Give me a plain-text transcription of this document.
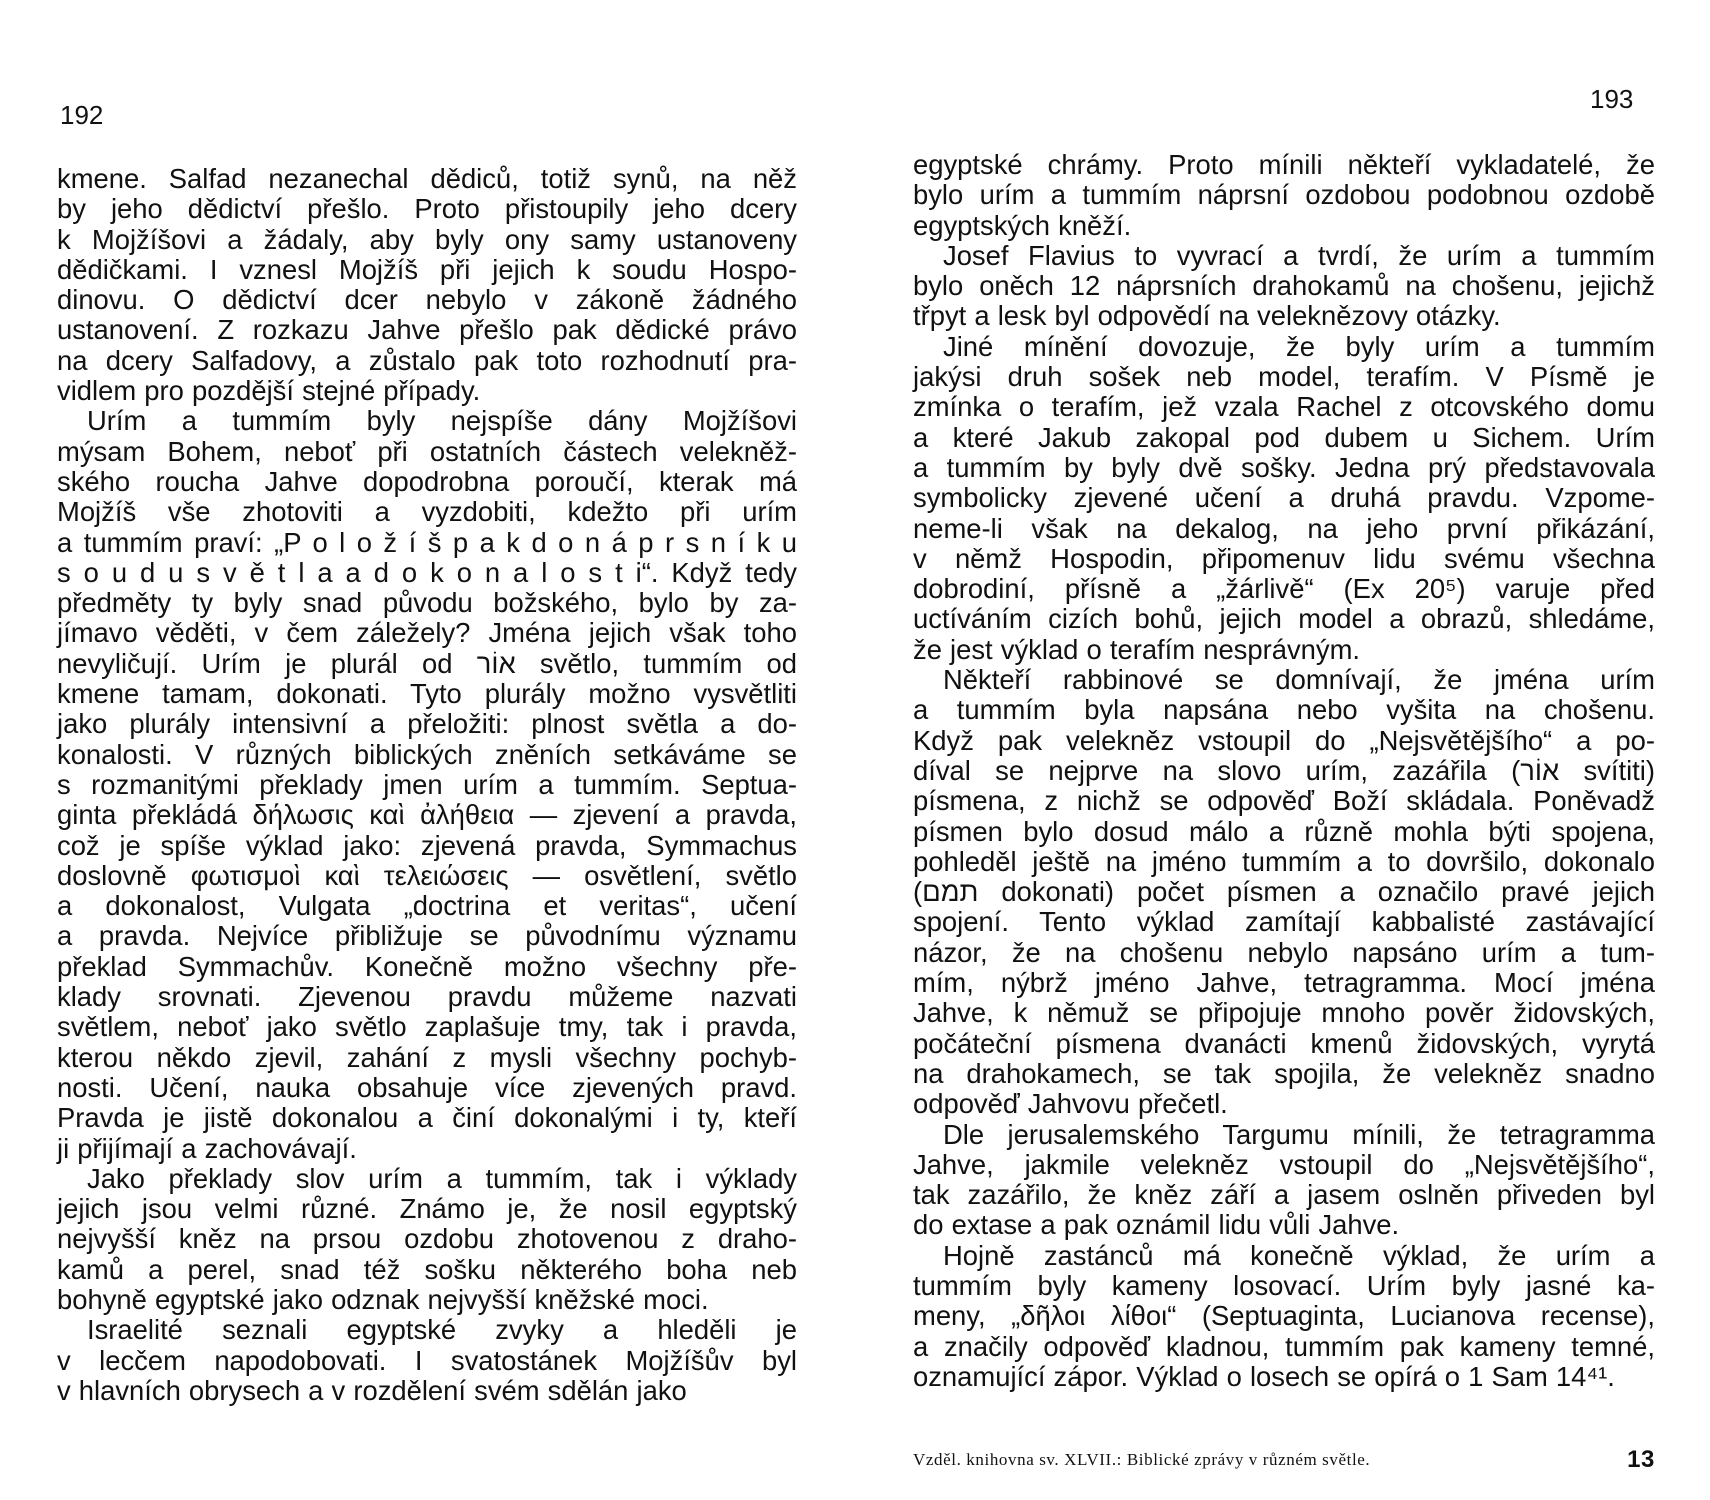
192
kmene. Salfad nezanechal dědiců, totiž synů, na něž
by jeho dědictví přešlo. Proto přistoupily jeho dcery
k Mojžíšovi a žádaly, aby byly ony samy ustanoveny
dědičkami. I vznesl Mojžíš při jejich k soudu Hospo-
dinovu. O dědictví dcer nebylo v zákoně žádného
ustanovení. Z rozkazu Jahve přešlo pak dědické právo
na dcery Salfadovy, a zůstalo pak toto rozhodnutí pra-
vidlem pro pozdější stejné případy.
Urím a tummím byly nejspíše dány Mojžíšovi
mýsam Bohem, neboť při ostatních částech velekněž-
ského roucha Jahve dopodrobna poroučí, kterak má
Mojžíš vše zhotoviti a vyzdobiti, kdežto při urím
a tummím praví: „P o l o ž í š p a k d o n á p r s n í k u
s o u d u s v ě t l a a d o k o n a l o s t i“. Když tedy
předměty ty byly snad původu božského, bylo by za-
jímavo věděti, v čem záležely? Jména jejich však toho
nevyličují. Urím je plurál od אוֹר světlo, tummím od
kmene tamam, dokonati. Tyto plurály možno vysvětliti
jako plurály intensivní a přeložiti: plnost světla a do-
konalosti. V různých biblických zněních setkáváme se
s rozmanitými překlady jmen urím a tummím. Septua-
ginta překládá δήλωσις καὶ ἀλήθεια — zjevení a pravda,
což je spíše výklad jako: zjevená pravda, Symmachus
doslovně φωτισμοὶ καὶ τελειώσεις — osvětlení, světlo
a dokonalost, Vulgata „doctrina et veritas“, učení
a pravda. Nejvíce přibližuje se původnímu významu
překlad Symmachův. Konečně možno všechny pře-
klady srovnati. Zjevenou pravdu můžeme nazvati
světlem, neboť jako světlo zaplašuje tmy, tak i pravda,
kterou někdo zjevil, zahání z mysli všechny pochyb-
nosti. Učení, nauka obsahuje více zjevených pravd.
Pravda je jistě dokonalou a činí dokonalými i ty, kteří
ji přijímají a zachovávají.
Jako překlady slov urím a tummím, tak i výklady
jejich jsou velmi různé. Známo je, že nosil egyptský
nejvyšší kněz na prsou ozdobu zhotovenou z draho-
kamů a perel, snad též sošku některého boha neb
bohyně egyptské jako odznak nejvyšší kněžské moci.
Israelité seznali egyptské zvyky a hleděli je
v lecčem napodobovati. I svatostánek Mojžíšův byl
v hlavních obrysech a v rozdělení svém sdělán jako
193
egyptské chrámy. Proto mínili někteří vykladatelé, že
bylo urím a tummím náprsní ozdobou podobnou ozdobě
egyptských kněží.
Josef Flavius to vyvrací a tvrdí, že urím a tummím
bylo oněch 12 náprsních drahokamů na chošenu, jejichž
třpyt a lesk byl odpovědí na veleknězovy otázky.
Jiné mínění dovozuje, že byly urím a tummím
jakýsi druh sošek neb model, terafím. V Písmě je
zmínka o terafím, jež vzala Rachel z otcovského domu
a které Jakub zakopal pod dubem u Sichem. Urím
a tummím by byly dvě sošky. Jedna prý představovala
symbolicky zjevené učení a druhá pravdu. Vzpome-
neme-li však na dekalog, na jeho první přikázání,
v němž Hospodin, připomenuv lidu svému všechna
dobrodiní, přísně a „žárlivě“ (Ex 20⁵) varuje před
uctíváním cizích bohů, jejich model a obrazů, shledáme,
že jest výklad o terafím nesprávným.
Někteří rabbinové se domnívají, že jména urím
a tummím byla napsána nebo vyšita na chošenu.
Když pak velekněz vstoupil do „Nejsvětějšího“ a po-
díval se nejprve na slovo urím, zazářila (אוֹר svítiti)
písmena, z nichž se odpověď Boží skládala. Poněvadž
písmen bylo dosud málo a různě mohla býti spojena,
pohleděl ještě na jméno tummím a to dovršilo, dokonalo
(תמם dokonati) počet písmen a označilo pravé jejich
spojení. Tento výklad zamítají kabbalisté zastávající
názor, že na chošenu nebylo napsáno urím a tum-
mím, nýbrž jméno Jahve, tetragramma. Mocí jména
Jahve, k němuž se připojuje mnoho pověr židovských,
počáteční písmena dvanácti kmenů židovských, vyrytá
na drahokamech, se tak spojila, že velekněz snadno
odpověď Jahvovu přečetl.
Dle jerusalemského Targumu mínili, že tetragramma
Jahve, jakmile velekněz vstoupil do „Nejsvětějšího“,
tak zazářilo, že kněz září a jasem oslněn přiveden byl
do extase a pak oznámil lidu vůli Jahve.
Hojně zastánců má konečně výklad, že urím a
tummím byly kameny losovací. Urím byly jasné ka-
meny, „δῆλοι λίθοι“ (Septuaginta, Lucianova recense),
a značily odpověď kladnou, tummím pak kameny temné,
oznamující zápor. Výklad o losech se opírá o 1 Sam 14⁴¹.
Vzděl. knihovna sv. XLVII.: Biblické zprávy v různém světle.	13
